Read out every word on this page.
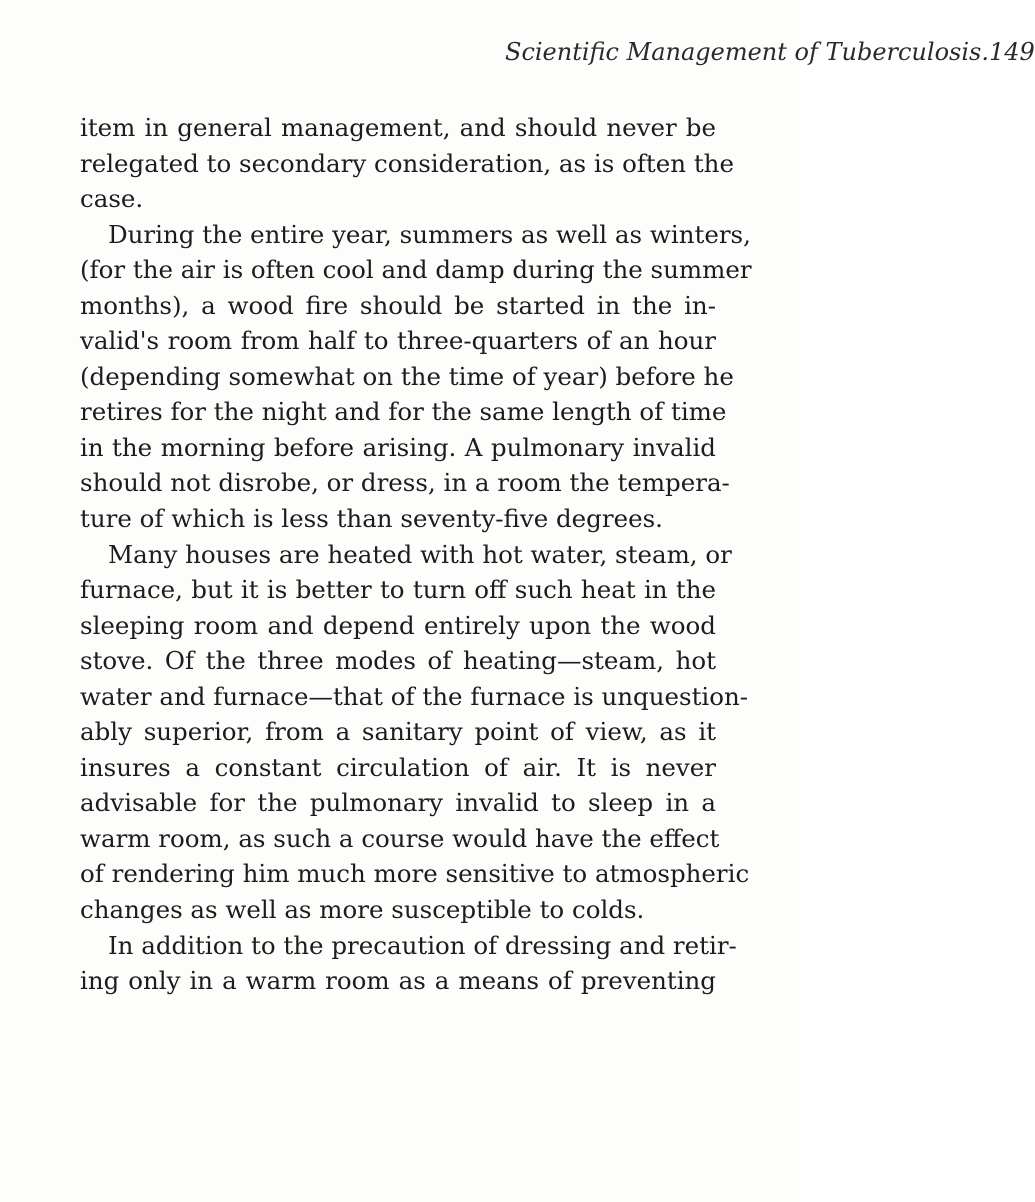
Scientific Management of Tuberculosis. 149
item in general management, and should never be
relegated to secondary consideration, as is often the
case.
During the entire year, summers as well as winters,
(for the air is often cool and damp during the summer
months), a wood fire should be started in the in-
valid's room from half to three-quarters of an hour
(depending somewhat on the time of year) before he
retires for the night and for the same length of time
in the morning before arising. A pulmonary invalid
should not disrobe, or dress, in a room the tempera-
ture of which is less than seventy-five degrees.
Many houses are heated with hot water, steam, or
furnace, but it is better to turn off such heat in the
sleeping room and depend entirely upon the wood
stove. Of the three modes of heating—steam, hot
water and furnace—that of the furnace is unquestion-
ably superior, from a sanitary point of view, as it
insures a constant circulation of air. It is never
advisable for the pulmonary invalid to sleep in a
warm room, as such a course would have the effect
of rendering him much more sensitive to atmospheric
changes as well as more susceptible to colds.
In addition to the precaution of dressing and retir-
ing only in a warm room as a means of preventing
